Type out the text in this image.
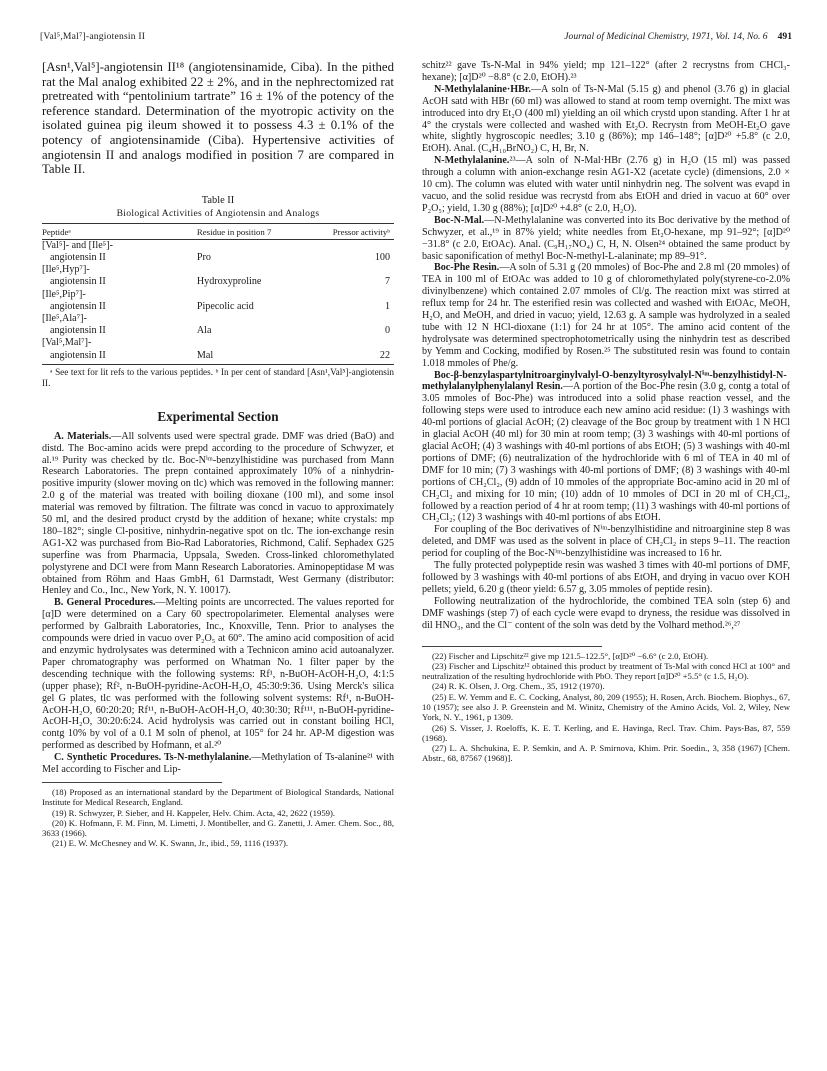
[Val⁵,Mal⁷]-angiotensin II	Journal of Medicinal Chemistry, 1971, Vol. 14, No. 6 491

[Asn¹,Val⁵]-angiotensin II¹⁸ (angiotensinamide, Ciba). In the pithed rat the Mal analog exhibited 22 ± 2%, and in the nephrectomized rat pretreated with “pentolinium tartrate” 16 ± 1% of the potency of the reference standard. Determination of the myotropic activity on the isolated guinea pig ileum showed it to possess 4.3 ± 0.1% of the potency of angiotensinamide (Ciba). Hypertensive activities of angiotensin II and analogs modified in position 7 are compared in Table II.

Table II
Biological Activities of Angiotensin and Analogs
Peptideᵃ	Residue in position 7	Pressor activityᵇ
[Val⁵]- and [Ile⁵]-		
angiotensin II	Pro	100
[Ile⁵,Hyp⁷]-		
angiotensin II	Hydroxyproline	7
[Ile⁵,Pip⁷]-		
angiotensin II	Pipecolic acid	1
[Ile⁵,Ala⁷]-		
angiotensin II	Ala	0
[Val⁵,Mal⁷]-		
angiotensin II	Mal	22

ᵃ See text for lit refs to the various peptides. ᵇ In per cent of standard [Asn¹,Val⁵]-angiotensin II.

Experimental Section

A. Materials.—All solvents used were spectral grade. DMF was dried (BaO) and distd. The Boc-amino acids were prepd according to the procedure of Schwyzer, et al.¹⁹ Purity was checked by tlc. Boc-Nⁱᵐ-benzylhistidine was purchased from Mann Research Laboratories. The prepn contained approximately 10% of a ninhydrin-positive impurity (slower moving on tlc) which was removed in the following manner: 2.0 g of the material was treated with boiling dioxane (100 ml), and some insol material was removed by filtration. The filtrate was concd in vacuo to approximately 50 ml, and the desired product crystd by the addition of hexane; white crystals: mp 180–182°; single Cl-positive, ninhydrin-negative spot on tlc. The ion-exchange resin AG1-X2 was purchased from Bio-Rad Laboratories, Richmond, Calif. Sephadex G25 superfine was from Pharmacia, Uppsala, Sweden. Cross-linked chloromethylated polystyrene and DCI were from Mann Research Laboratories. Aminopeptidase M was obtained from Röhm and Haas GmbH, 61 Darmstadt, West Germany (distributor: Henley and Co., Inc., New York, N. Y. 10017).

B. General Procedures.—Melting points are uncorrected. The values reported for [α]D were determined on a Cary 60 spectropolarimeter. Elemental analyses were performed by Galbraith Laboratories, Inc., Knoxville, Tenn. Prior to analyses the compounds were dried in vacuo over P₂O₅ at 60°. The amino acid composition of acid and enzymic hydrolysates was determined with a Technicon amino acid autoanalyzer. Paper chromatography was performed on Whatman No. 1 filter paper by the descending technique with the following systems: Rf¹, n-BuOH-AcOH-H₂O, 4:1:5 (upper phase); Rf², n-BuOH-pyridine-AcOH-H₂O, 45:30:9:36. Using Merck's silica gel G plates, tlc was performed with the following solvent systems: Rf¹, n-BuOH-AcOH-H₂O, 60:20:20; Rf¹¹, n-BuOH-AcOH-H₂O, 40:30:30; Rf¹¹¹, n-BuOH-pyridine-AcOH-H₂O, 30:20:6:24. Acid hydrolysis was carried out in constant boiling HCl, contg 10% by vol of a 0.1 M soln of phenol, at 105° for 24 hr. AP-M digestion was performed as described by Hofmann, et al.²⁰

C. Synthetic Procedures. Ts-N-methylalanine.—Methylation of Ts-alanine²¹ with MeI according to Fischer and Lip-

(18) Proposed as an international standard by the Department of Biological Standards, National Institute for Medical Research, England.

(19) R. Schwyzer, P. Sieber, and H. Kappeler, Helv. Chim. Acta, 42, 2622 (1959).

(20) K. Hofmann, F. M. Finn, M. Limetti, J. Montibeller, and G. Zanetti, J. Amer. Chem. Soc., 88, 3633 (1966).

(21) E. W. McChesney and W. K. Swann, Jr., ibid., 59, 1116 (1937).

schitz²² gave Ts-N-Mal in 94% yield; mp 121–122° (after 2 recrystns from CHCl₃-hexane); [α]D²⁰ −8.8° (c 2.0, EtOH).²³

N-Methylalanine·HBr.—A soln of Ts-N-Mal (5.15 g) and phenol (3.76 g) in glacial AcOH satd with HBr (60 ml) was allowed to stand at room temp overnight. The mixt was introduced into dry Et₂O (400 ml) yielding an oil which crystd upon standing. After 1 hr at 4° the crystals were collected and washed with Et₂O. Recrystn from MeOH-Et₂O gave white, slightly hygroscopic needles; 3.10 g (86%); mp 146–148°; [α]D²⁰ +5.8° (c 2.0, EtOH). Anal. (C₄H₁₀BrNO₂) C, H, Br, N.

N-Methylalanine.²³—A soln of N-Mal·HBr (2.76 g) in H₂O (15 ml) was passed through a column with anion-exchange resin AG1-X2 (acetate cycle) (dimensions, 2.0 × 10 cm). The column was eluted with water until ninhydrin neg. The solvent was evapd in vacuo, and the solid residue was recrystd from abs EtOH and dried in vacuo at 60° over P₂O₅; yield, 1.30 g (88%); [α]D²⁰ +4.8° (c 2.0, H₂O).

Boc-N-Mal.—N-Methylalanine was converted into its Boc derivative by the method of Schwyzer, et al.,¹⁹ in 87% yield; white needles from Et₂O-hexane, mp 91–92°; [α]D²⁰ −31.8° (c 2.0, EtOAc). Anal. (C₉H₁₇NO₄) C, H, N. Olsen²⁴ obtained the same product by basic saponification of methyl Boc-N-methyl-L-alaninate; mp 89–91°.

Boc-Phe Resin.—A soln of 5.31 g (20 mmoles) of Boc-Phe and 2.8 ml (20 mmoles) of TEA in 100 ml of EtOAc was added to 10 g of chloromethylated poly(styrene-co-2.0% divinylbenzene) which contained 2.07 mmoles of Cl/g. The reaction mixt was stirred at reflux temp for 24 hr. The esterified resin was collected and washed with EtOAc, MeOH, H₂O, and MeOH, and dried in vacuo; yield, 12.63 g. A sample was hydrolyzed in a sealed tube with 12 N HCl-dioxane (1:1) for 24 hr at 105°. The amino acid content of the hydrolysate was determined spectrophotometrically using the ninhydrin test as described by Yemm and Cocking, modified by Rosen.²⁵ The substituted resin was found to contain 1.018 mmoles of Phe/g.

Boc-β-benzylaspartylnitroarginylvalyl-O-benzyltyrosylvalyl-Nⁱᵐ-benzylhistidyl-N-methylalanylphenylalanyl Resin.—A portion of the Boc-Phe resin (3.0 g, contg a total of 3.05 mmoles of Boc-Phe) was introduced into a solid phase reaction vessel, and the following steps were used to introduce each new amino acid residue: (1) 3 washings with 40-ml portions of glacial AcOH; (2) cleavage of the Boc group by treatment with 1 N HCl in glacial AcOH (40 ml) for 30 min at room temp; (3) 3 washings with 40-ml portions of glacial AcOH; (4) 3 washings with 40-ml portions of abs EtOH; (5) 3 washings with 40-ml portions of DMF; (6) neutralization of the hydrochloride with 6 ml of TEA in 40 ml of DMF for 10 min; (7) 3 washings with 40-ml portions of DMF; (8) 3 washings with 40-ml portions of CH₂Cl₂, (9) addn of 10 mmoles of the appropriate Boc-amino acid in 20 ml of CH₂Cl₂ and mixing for 10 min; (10) addn of 10 mmoles of DCI in 20 ml of CH₂Cl₂, followed by a reaction period of 4 hr at room temp; (11) 3 washings with 40-ml portions of CH₂Cl₂; (12) 3 washings with 40-ml portions of abs EtOH.

For coupling of the Boc derivatives of Nⁱᵐ-benzylhistidine and nitroarginine step 8 was deleted, and DMF was used as the solvent in place of CH₂Cl₂ in steps 9–11. The reaction period for coupling of the Boc-Nⁱᵐ-benzylhistidine was increased to 16 hr.

The fully protected polypeptide resin was washed 3 times with 40-ml portions of DMF, followed by 3 washings with 40-ml portions of abs EtOH, and drying in vacuo over KOH pellets; yield, 6.20 g (theor yield: 6.57 g, 3.05 mmoles of peptide resin).

Following neutralization of the hydrochloride, the combined TEA soln (step 6) and DMF washings (step 7) of each cycle were evapd to dryness, the residue was dissolved in dil HNO₃, and the Cl⁻ content of the soln was detd by the Volhard method.²⁶,²⁷

(22) Fischer and Lipschitz²² give mp 121.5–122.5°, [α]D²⁰ −6.6° (c 2.0, EtOH).

(23) Fischer and Lipschitz¹² obtained this product by treatment of Ts-Mal with concd HCl at 100° and neutralization of the resulting hydrochloride with PbO. They report [α]D²⁰ +5.5° (c 1.5, H₂O).

(24) R. K. Olsen, J. Org. Chem., 35, 1912 (1970).

(25) E. W. Yemm and E. C. Cocking, Analyst, 80, 209 (1955); H. Rosen, Arch. Biochem. Biophys., 67, 10 (1957); see also J. P. Greenstein and M. Winitz, Chemistry of the Amino Acids, Vol. 2, Wiley, New York, N. Y., 1961, p 1309.

(26) S. Visser, J. Roeloffs, K. E. T. Kerling, and E. Havinga, Recl. Trav. Chim. Pays-Bas, 87, 559 (1968).

(27) L. A. Shchukina, E. P. Semkin, and A. P. Smirnova, Khim. Prir. Soedin., 3, 358 (1967) [Chem. Abstr., 68, 87567 (1968)].
